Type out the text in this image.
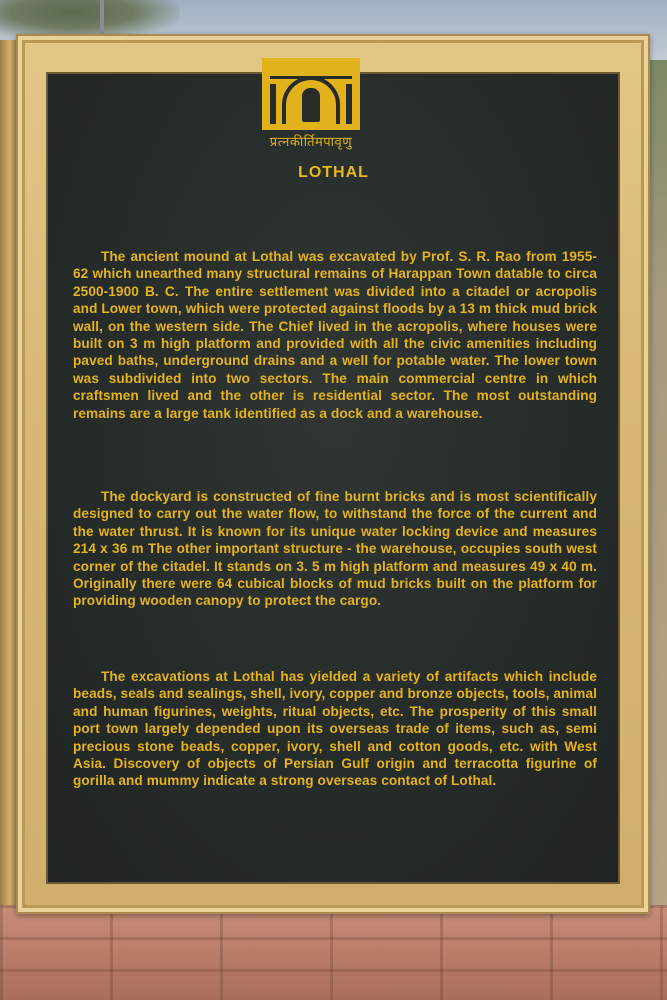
प्रत्नकीर्तिमपावृणु
LOTHAL

The ancient mound at Lothal was excavated by Prof. S. R. Rao from 1955-62 which unearthed many structural remains of Harappan Town datable to circa 2500-1900 B. C. The entire settlement was divided into a citadel or acropolis and Lower town, which were protected against floods by a 13 m thick mud brick wall, on the western side. The Chief lived in the acropolis, where houses were built on 3 m high platform and provided with all the civic amenities including paved baths, underground drains and a well for potable water. The lower town was subdivided into two sectors. The main commercial centre in which craftsmen lived and the other is residential sector. The most outstanding remains are a large tank identified as a dock and a warehouse.

The dockyard is constructed of fine burnt bricks and is most scientifically designed to carry out the water flow, to withstand the force of the current and the water thrust. It is known for its unique water locking device and measures 214 x 36 m The other important structure - the warehouse, occupies south west corner of the citadel. It stands on 3. 5 m high platform and measures 49 x 40 m. Originally there were 64 cubical blocks of mud bricks built on the platform for providing wooden canopy to protect the cargo.

The excavations at Lothal has yielded a variety of artifacts which include beads, seals and sealings, shell, ivory, copper and bronze objects, tools, animal and human figurines, weights, ritual objects, etc. The prosperity of this small port town largely depended upon its overseas trade of items, such as, semi precious stone beads, copper, ivory, shell and cotton goods, etc. with West Asia. Discovery of objects of Persian Gulf origin and terracotta figurine of gorilla and mummy indicate a strong overseas contact of Lothal.
